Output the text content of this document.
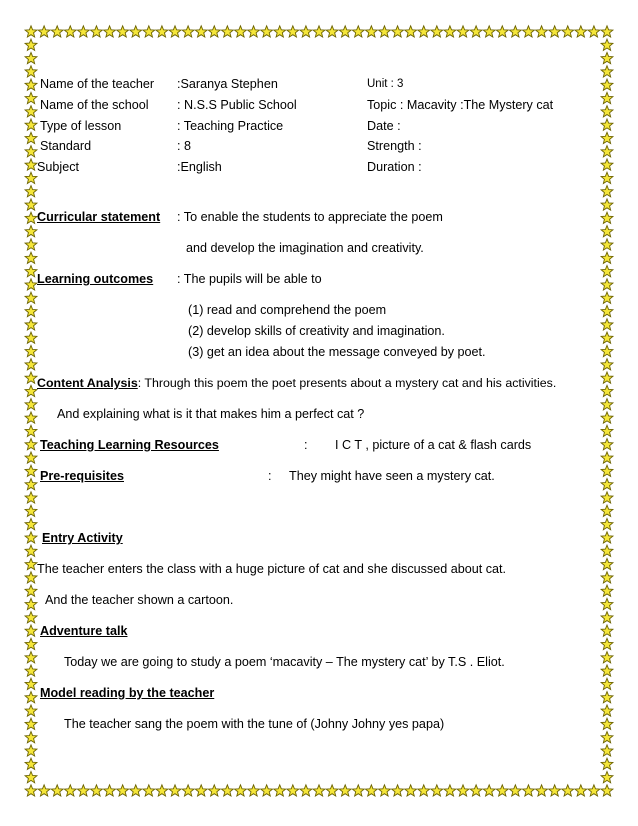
Name of the teacher :Saranya Stephen	Unit : 3
Name of the school : N.S.S Public School	Topic : Macavity :The Mystery cat
Type of lesson	: Teaching Practice	Date :
Standard	: 8	Strength :
Subject	:English	Duration :
Curricular statement : To enable the students to appreciate the poem
and develop the imagination and creativity.
Learning outcomes : The pupils will be able to
(1) read and comprehend the poem
(2) develop skills of creativity and imagination.
(3) get an idea about the message conveyed by poet.
Content Analysis: Through this poem the poet presents about a mystery cat and his activities.
And explaining what is it that makes him a perfect cat ?
Teaching Learning Resources	: I C T , picture of a cat & flash cards
Pre-requisites	: They might have seen a mystery cat.
Entry Activity
The teacher enters the class with a huge picture of cat and she discussed about cat.
And the teacher shown a cartoon.
Adventure talk
Today we are going to study a poem ‘macavity – The mystery cat’ by T.S . Eliot.
Model reading by the teacher
The teacher sang the poem with the tune of (Johny Johny yes papa)
